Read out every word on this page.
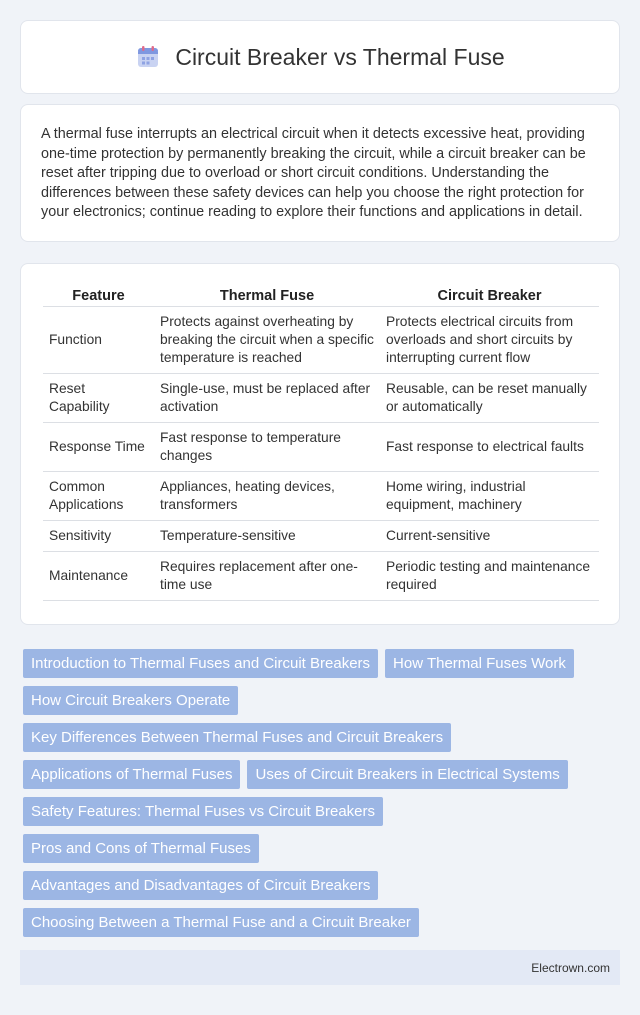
Circuit Breaker vs Thermal Fuse

A thermal fuse interrupts an electrical circuit when it detects excessive heat, providing one-time protection by permanently breaking the circuit, while a circuit breaker can be reset after tripping due to overload or short circuit conditions. Understanding the differences between these safety devices can help you choose the right protection for your electronics; continue reading to explore their functions and applications in detail.

Feature	Thermal Fuse	Circuit Breaker
Function	Protects against overheating by breaking the circuit when a specific temperature is reached	Protects electrical circuits from overloads and short circuits by interrupting current flow
Reset Capability	Single-use, must be replaced after activation	Reusable, can be reset manually or automatically
Response Time	Fast response to temperature changes	Fast response to electrical faults
Common Applications	Appliances, heating devices, transformers	Home wiring, industrial equipment, machinery
Sensitivity	Temperature-sensitive	Current-sensitive
Maintenance	Requires replacement after one-time use	Periodic testing and maintenance required
Introduction to Thermal Fuses and Circuit Breakers	How Thermal Fuses Work
How Circuit Breakers Operate
Key Differences Between Thermal Fuses and Circuit Breakers
Applications of Thermal Fuses	Uses of Circuit Breakers in Electrical Systems
Safety Features: Thermal Fuses vs Circuit Breakers
Pros and Cons of Thermal Fuses
Advantages and Disadvantages of Circuit Breakers
Choosing Between a Thermal Fuse and a Circuit Breaker
Electrown.com
